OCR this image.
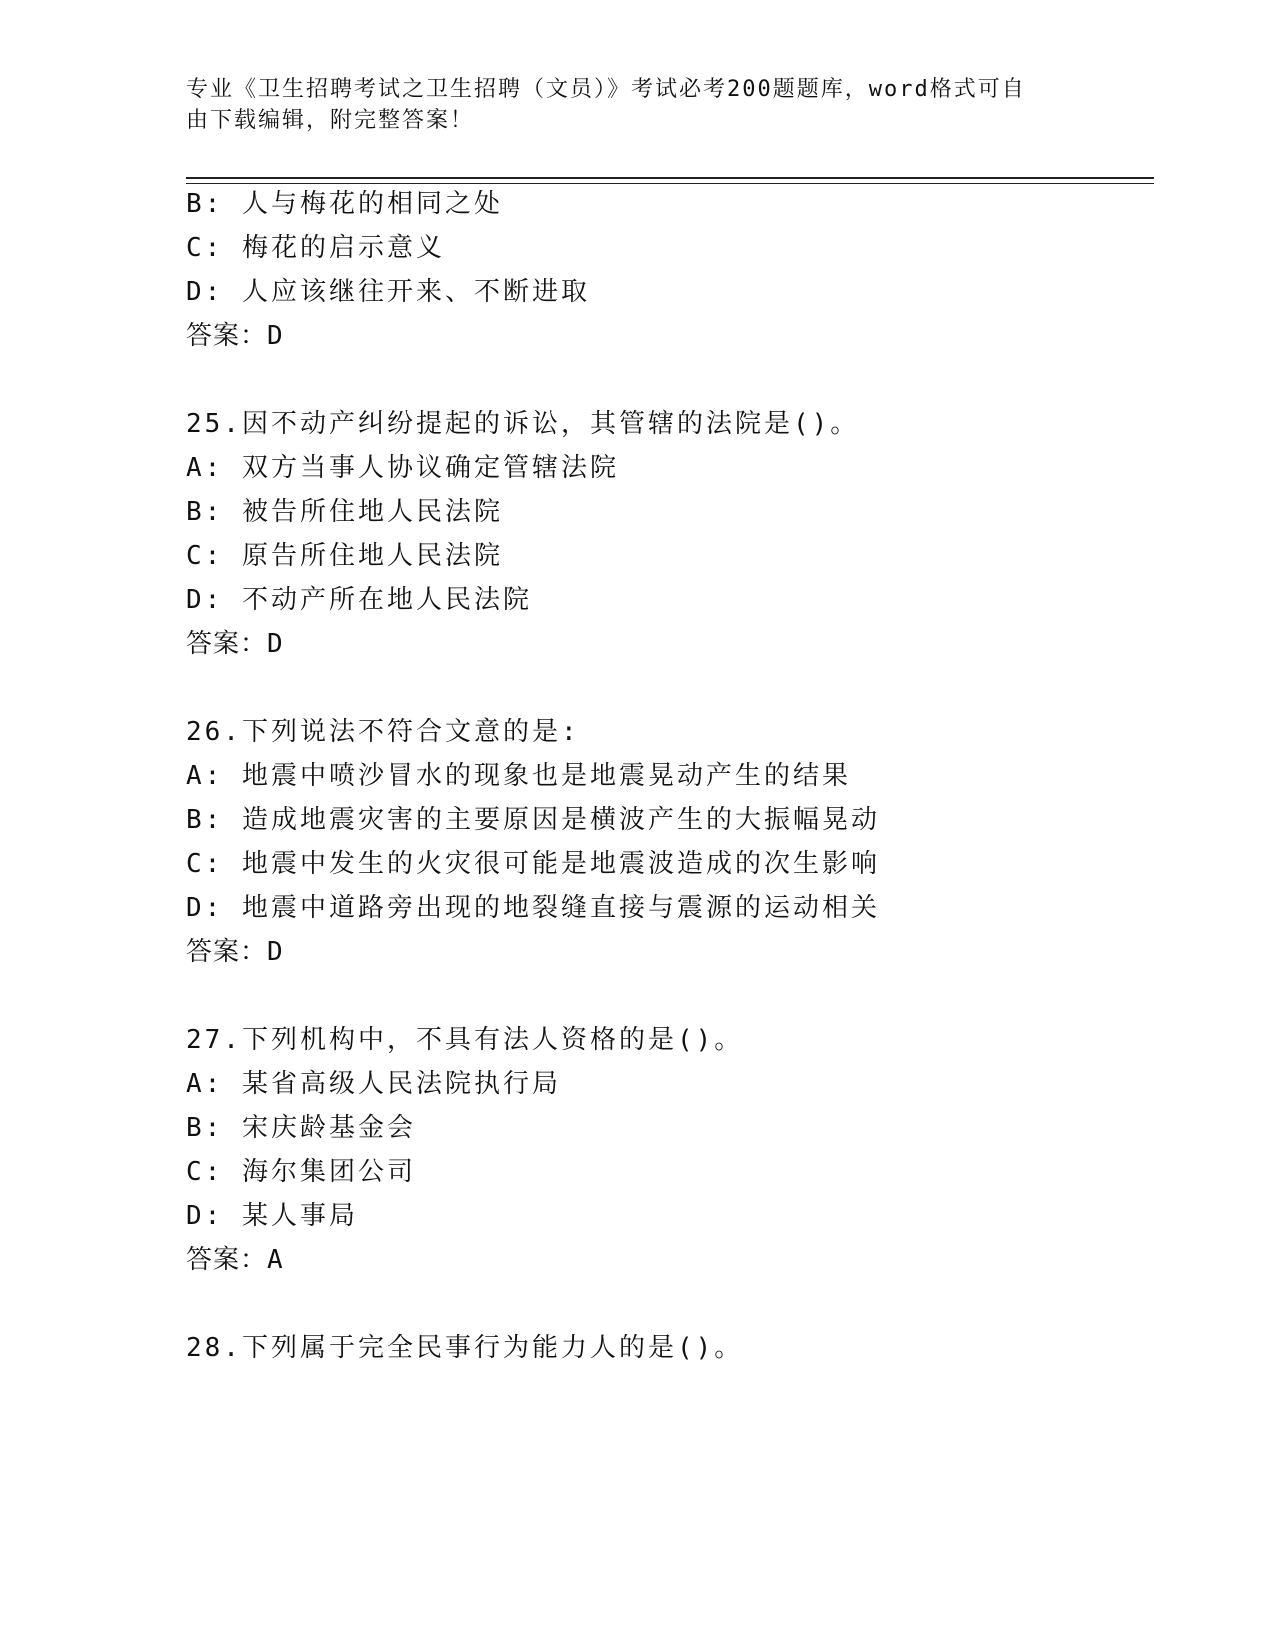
专业《卫生招聘考试之卫生招聘（文员）》考试必考200题题库，word格式可自
由下载编辑，附完整答案！
B: 人与梅花的相同之处
C: 梅花的启示意义
D: 人应该继往开来、不断进取
答案：D
25.因不动产纠纷提起的诉讼，其管辖的法院是()。
A: 双方当事人协议确定管辖法院
B: 被告所住地人民法院
C: 原告所住地人民法院
D: 不动产所在地人民法院
答案：D
26.下列说法不符合文意的是:
A: 地震中喷沙冒水的现象也是地震晃动产生的结果
B: 造成地震灾害的主要原因是横波产生的大振幅晃动
C: 地震中发生的火灾很可能是地震波造成的次生影响
D: 地震中道路旁出现的地裂缝直接与震源的运动相关
答案：D
27.下列机构中，不具有法人资格的是()。
A: 某省高级人民法院执行局
B: 宋庆龄基金会
C: 海尔集团公司
D: 某人事局
答案：A
28.下列属于完全民事行为能力人的是()。
